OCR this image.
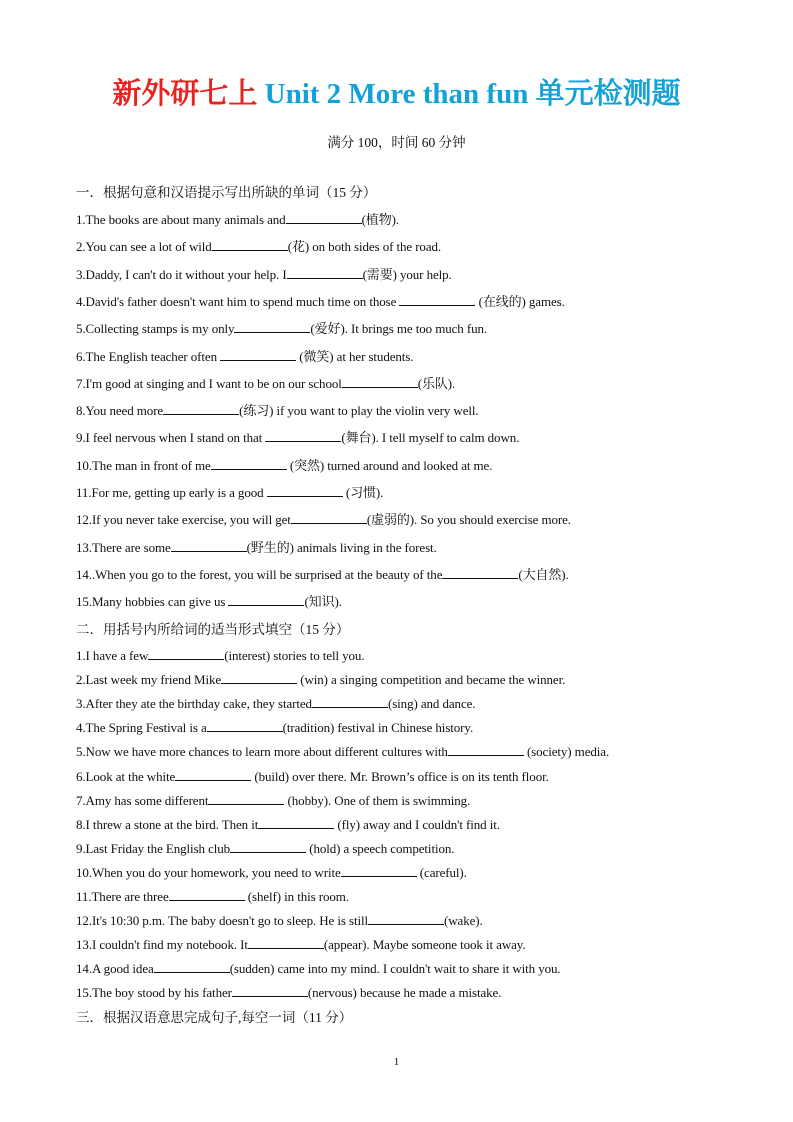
新外研七上 Unit 2 More than fun 单元检测题
满分 100，时间 60 分钟
一．根据句意和汉语提示写出所缺的单词（15 分）
1.The books are about many animals and	(植物).
2.You can see a lot of wild	(花) on both sides of the road.
3.Daddy, I can't do it without your help. I	(需要) your help.
4.David's father doesn't want him to spend much time on those	(在线的) games.
5.Collecting stamps is my only	(爱好). It brings me too much fun.
6.The English teacher often	(微笑) at her students.
7.I'm good at singing and I want to be on our school	(乐队).
8.You need more	(练习) if you want to play the violin very well.
9.I feel nervous when I stand on that	(舞台). I tell myself to calm down.
10.The man in front of me	(突然) turned around and looked at me.
11.For me, getting up early is a good	(习惯).
12.If you never take exercise, you will get	(虚弱的). So you should exercise more.
13.There are some	(野生的) animals living in the forest.
14..When you go to the forest, you will be surprised at the beauty of the	(大自然).
15.Many hobbies can give us	(知识).
二．用括号内所给词的适当形式填空（15 分）
1.I have a few	(interest) stories to tell you.
2.Last week my friend Mike	(win) a singing competition and became the winner.
3.After they ate the birthday cake, they started	(sing) and dance.
4.The Spring Festival is a	(tradition) festival in Chinese history.
5.Now we have more chances to learn more about different cultures with	(society) media.
6.Look at the white	(build) over there. Mr. Brown’s office is on its tenth floor.
7.Amy has some different	(hobby). One of them is swimming.
8.I threw a stone at the bird. Then it	(fly) away and I couldn't find it.
9.Last Friday the English club	(hold) a speech competition.
10.When you do your homework, you need to write	(careful).
11.There are three	(shelf) in this room.
12.It's 10:30 p.m. The baby doesn't go to sleep. He is still	(wake).
13.I couldn't find my notebook. It	(appear). Maybe someone took it away.
14.A good idea	(sudden) came into my mind. I couldn't wait to share it with you.
15.The boy stood by his father	(nervous) because he made a mistake.
三．根据汉语意思完成句子,每空一词（11 分）
1
